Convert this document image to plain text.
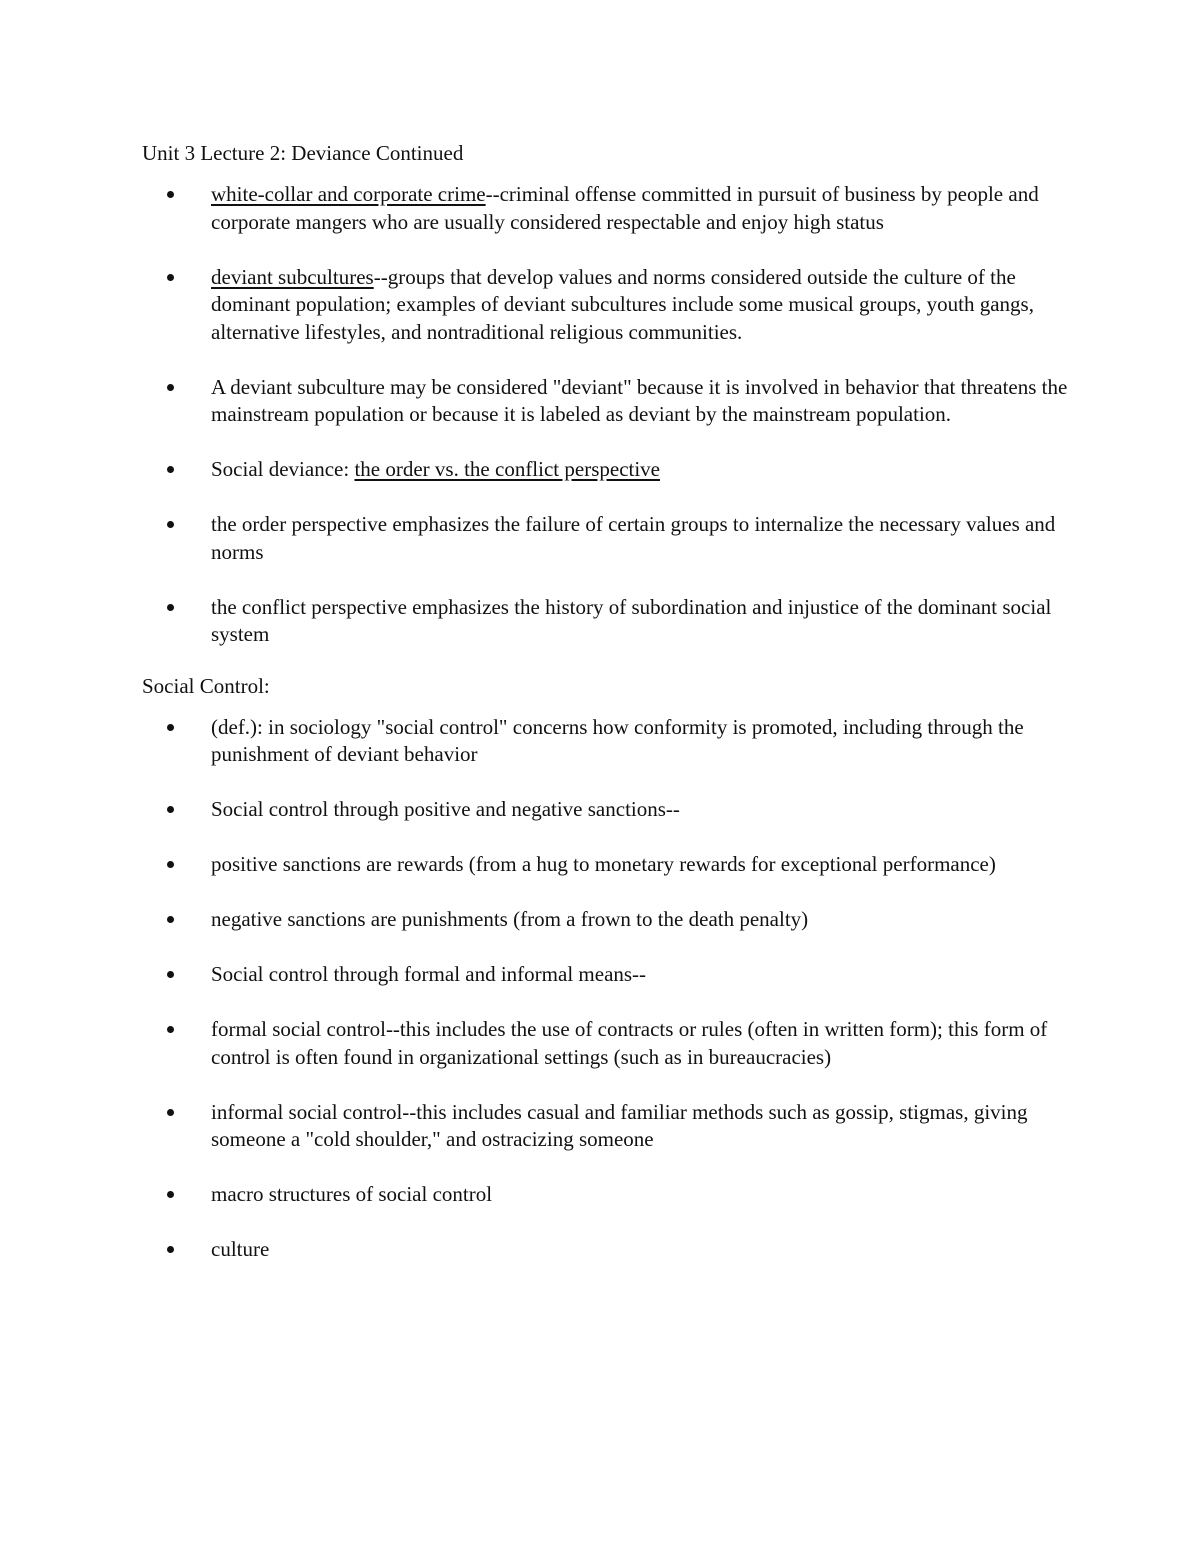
Unit 3 Lecture 2: Deviance Continued
white-collar and corporate crime--criminal offense committed in pursuit of business by people and corporate mangers who are usually considered respectable and enjoy high status
deviant subcultures--groups that develop values and norms considered outside the culture of the dominant population; examples of deviant subcultures include some musical groups, youth gangs, alternative lifestyles, and nontraditional religious communities.
A deviant subculture may be considered "deviant" because it is involved in behavior that threatens the mainstream population or because it is labeled as deviant by the mainstream population.
Social deviance: the order vs. the conflict perspective
the order perspective emphasizes the failure of certain groups to internalize the necessary values and norms
the conflict perspective emphasizes the history of subordination and injustice of the dominant social system
Social Control:
(def.): in sociology "social control" concerns how conformity is promoted, including through the punishment of deviant behavior
Social control through positive and negative sanctions--
positive sanctions are rewards (from a hug to monetary rewards for exceptional performance)
negative sanctions are punishments (from a frown to the death penalty)
Social control through formal and informal means--
formal social control--this includes the use of contracts or rules (often in written form); this form of control is often found in organizational settings (such as in bureaucracies)
informal social control--this includes casual and familiar methods such as gossip, stigmas, giving someone a "cold shoulder," and ostracizing someone
macro structures of social control
culture
